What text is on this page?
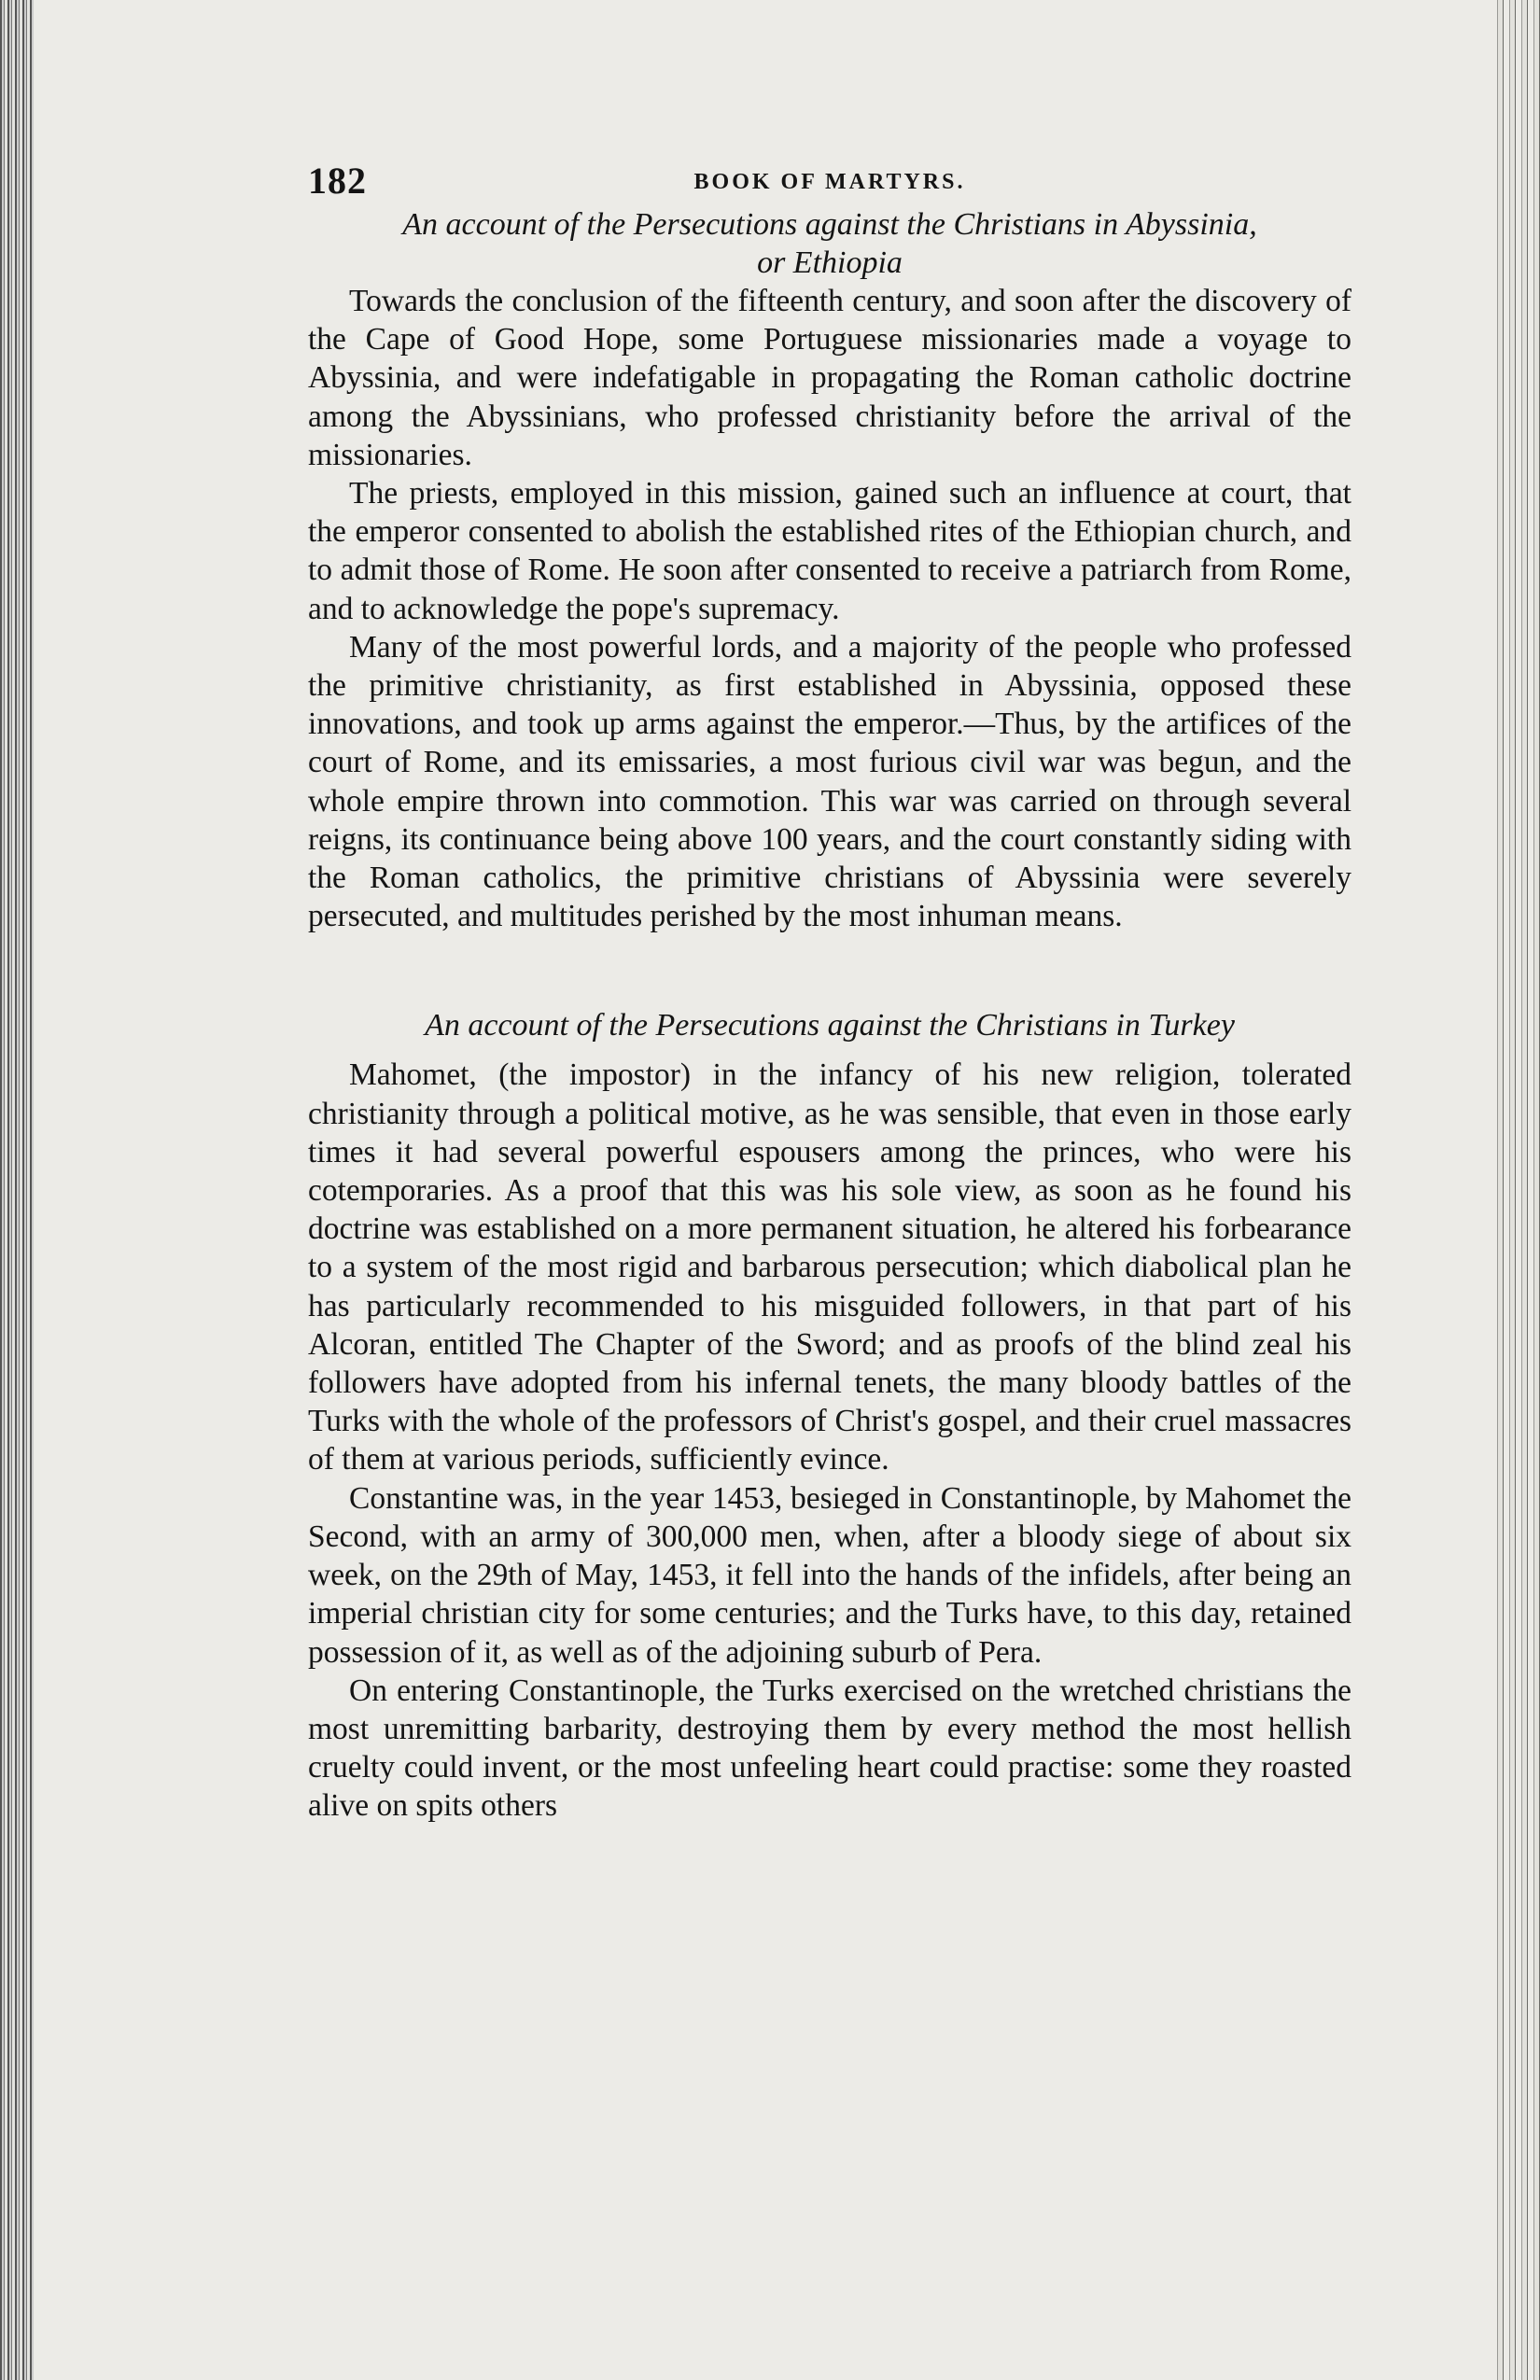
182	BOOK OF MARTYRS.
An account of the Persecutions against the Christians in Abyssinia,
or Ethiopia

Towards the conclusion of the fifteenth century, and soon after the discovery of the Cape of Good Hope, some Portuguese missionaries made a voyage to Abyssinia, and were indefatigable in propagating the Roman catholic doctrine among the Abyssinians, who professed christianity before the arrival of the missionaries.

The priests, employed in this mission, gained such an influence at court, that the emperor consented to abolish the established rites of the Ethiopian church, and to admit those of Rome. He soon after consented to receive a patriarch from Rome, and to acknowledge the pope's supremacy.

Many of the most powerful lords, and a majority of the people who professed the primitive christianity, as first established in Abyssinia, opposed these innovations, and took up arms against the emperor.—Thus, by the artifices of the court of Rome, and its emissaries, a most furious civil war was begun, and the whole empire thrown into commotion. This war was carried on through several reigns, its continuance being above 100 years, and the court constantly siding with the Roman catholics, the primitive christians of Abyssinia were severely persecuted, and multitudes perished by the most inhuman means.

An account of the Persecutions against the Christians in Turkey

Mahomet, (the impostor) in the infancy of his new religion, tolerated christianity through a political motive, as he was sensible, that even in those early times it had several powerful espousers among the princes, who were his cotemporaries. As a proof that this was his sole view, as soon as he found his doctrine was established on a more permanent situation, he altered his forbearance to a system of the most rigid and barbarous persecution; which diabolical plan he has particularly recommended to his misguided followers, in that part of his Alcoran, entitled The Chapter of the Sword; and as proofs of the blind zeal his followers have adopted from his infernal tenets, the many bloody battles of the Turks with the whole of the professors of Christ's gospel, and their cruel massacres of them at various periods, sufficiently evince.

Constantine was, in the year 1453, besieged in Constantinople, by Mahomet the Second, with an army of 300,000 men, when, after a bloody siege of about six week, on the 29th of May, 1453, it fell into the hands of the infidels, after being an imperial christian city for some centuries; and the Turks have, to this day, retained possession of it, as well as of the adjoining suburb of Pera.

On entering Constantinople, the Turks exercised on the wretched christians the most unremitting barbarity, destroying them by every method the most hellish cruelty could invent, or the most unfeeling heart could practise: some they roasted alive on spits others
